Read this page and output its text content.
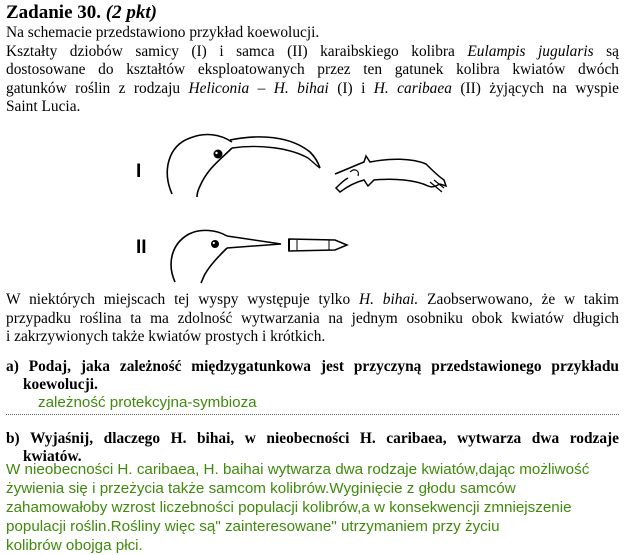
Zadanie 30. (2 pkt)
Na schemacie przedstawiono przykład koewolucji.
Kształty dziobów samicy (I) i samca (II) karaibskiego kolibra Eulampis jugularis są
dostosowane do kształtów eksploatowanych przez ten gatunek kolibra kwiatów dwóch
gatunków roślin z rodzaju Heliconia – H. bihai (I) i H. caribaea (II) żyjących na wyspie
Saint Lucia.
I
II
W niektórych miejscach tej wyspy występuje tylko H. bihai. Zaobserwowano, że w takim
przypadku roślina ta ma zdolność wytwarzania na jednym osobniku obok kwiatów długich
i zakrzywionych także kwiatów prostych i krótkich.
a) Podaj, jaka zależność międzygatunkowa jest przyczyną przedstawionego przykładu
koewolucji.
zależność protekcyjna-symbioza
b) Wyjaśnij, dlaczego H. bihai, w nieobecności H. caribaea, wytwarza dwa rodzaje
kwiatów.
W nieobecności H. caribaea, H. baihai wytwarza dwa rodzaje kwiatów,dając możliwość
żywienia się i przeżycia także samcom kolibrów.Wyginięcie z głodu samców
zahamowałoby wzrost liczebności populacji kolibrów,a w konsekwencji zmniejszenie
populacji roślin.Rośliny więc są" zainteresowane" utrzymaniem przy życiu
kolibrów obojga płci.
